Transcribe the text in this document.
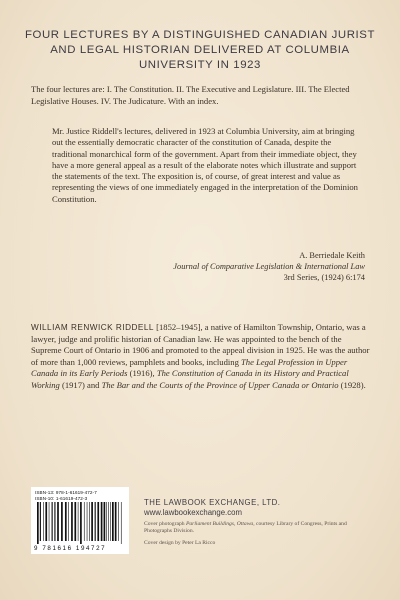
FOUR LECTURES BY A DISTINGUISHED CANADIAN JURIST AND LEGAL HISTORIAN DELIVERED AT COLUMBIA UNIVERSITY IN 1923

The four lectures are: I. The Constitution. II. The Executive and Legislature. III. The Elected Legislative Houses. IV. The Judicature. With an index.

Mr. Justice Riddell's lectures, delivered in 1923 at Columbia University, aim at bringing out the essentially democratic character of the constitution of Canada, despite the traditional monarchical form of the government. Apart from their immediate object, they have a more general appeal as a result of the elaborate notes which illustrate and support the statements of the text. The exposition is, of course, of great interest and value as representing the views of one immediately engaged in the interpretation of the Dominion Constitution.

A. Berriedale Keith
Journal of Comparative Legislation & International Law
3rd Series, (1924) 6:174

WILLIAM RENWICK RIDDELL [1852–1945], a native of Hamilton Township, Ontario, was a lawyer, judge and prolific historian of Canadian law. He was appointed to the bench of the Supreme Court of Ontario in 1906 and promoted to the appeal division in 1925. He was the author of more than 1,000 reviews, pamphlets and books, including The Legal Profession in Upper Canada in its Early Periods (1916), The Constitution of Canada in its History and Practical Working (1917) and The Bar and the Courts of the Province of Upper Canada or Ontario (1928).

ISBN-13: 978-1-61619-472-7
ISBN-10: 1-61619-472-3
9 781616 194727
THE LAWBOOK EXCHANGE, LTD.
www.lawbookexchange.com
Cover photograph Parliament Buildings, Ottawa, courtesy Library of Congress, Prints and Photographs Division.
Cover design by Peter La Ricco
